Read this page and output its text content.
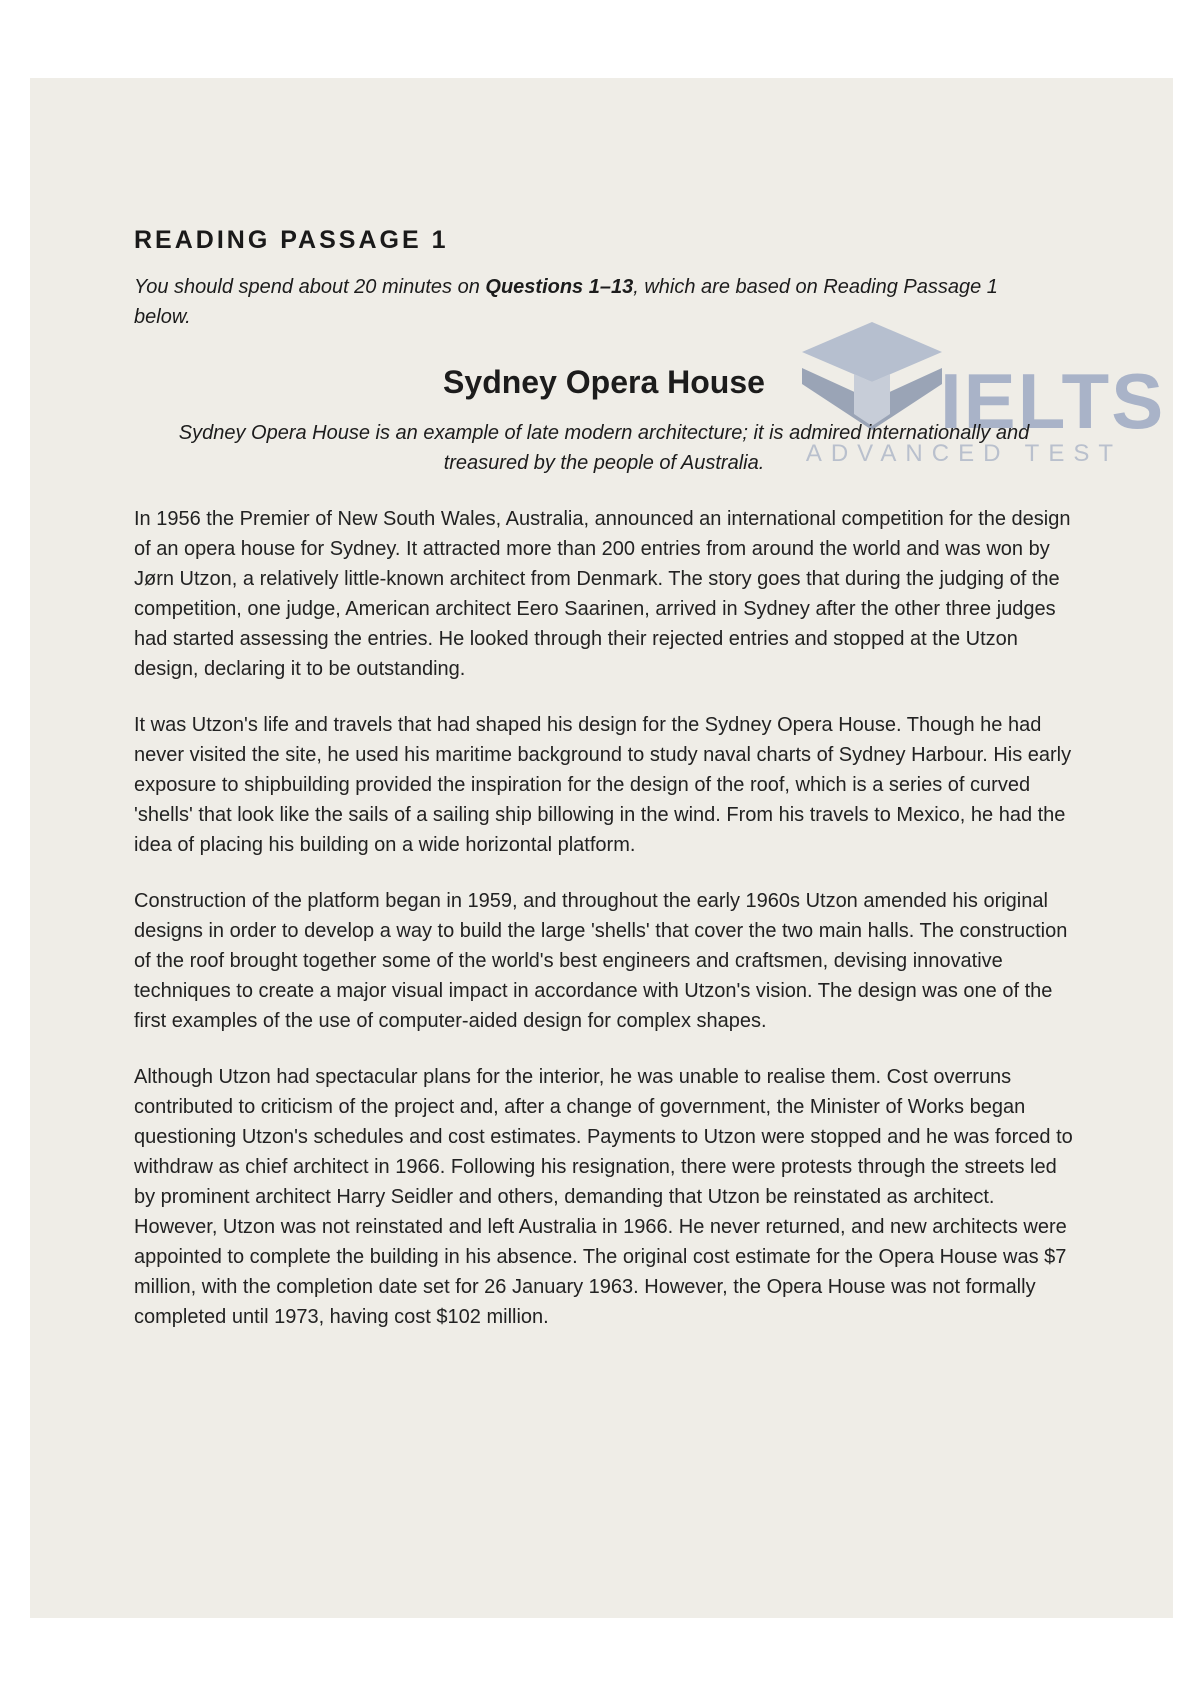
IELTS
ADVANCED TEST
READING PASSAGE 1

You should spend about 20 minutes on Questions 1–13, which are based on Reading Passage 1 below.

Sydney Opera House

Sydney Opera House is an example of late modern architecture; it is admired internationally and treasured by the people of Australia.

In 1956 the Premier of New South Wales, Australia, announced an international competition for the design of an opera house for Sydney. It attracted more than 200 entries from around the world and was won by Jørn Utzon, a relatively little-known architect from Denmark. The story goes that during the judging of the competition, one judge, American architect Eero Saarinen, arrived in Sydney after the other three judges had started assessing the entries. He looked through their rejected entries and stopped at the Utzon design, declaring it to be outstanding.

It was Utzon's life and travels that had shaped his design for the Sydney Opera House. Though he had never visited the site, he used his maritime background to study naval charts of Sydney Harbour. His early exposure to shipbuilding provided the inspiration for the design of the roof, which is a series of curved 'shells' that look like the sails of a sailing ship billowing in the wind. From his travels to Mexico, he had the idea of placing his building on a wide horizontal platform.

Construction of the platform began in 1959, and throughout the early 1960s Utzon amended his original designs in order to develop a way to build the large 'shells' that cover the two main halls. The construction of the roof brought together some of the world's best engineers and craftsmen, devising innovative techniques to create a major visual impact in accordance with Utzon's vision. The design was one of the first examples of the use of computer-aided design for complex shapes.

Although Utzon had spectacular plans for the interior, he was unable to realise them. Cost overruns contributed to criticism of the project and, after a change of government, the Minister of Works began questioning Utzon's schedules and cost estimates. Payments to Utzon were stopped and he was forced to withdraw as chief architect in 1966. Following his resignation, there were protests through the streets led by prominent architect Harry Seidler and others, demanding that Utzon be reinstated as architect. However, Utzon was not reinstated and left Australia in 1966. He never returned, and new architects were appointed to complete the building in his absence. The original cost estimate for the Opera House was $7 million, with the completion date set for 26 January 1963. However, the Opera House was not formally completed until 1973, having cost $102 million.
